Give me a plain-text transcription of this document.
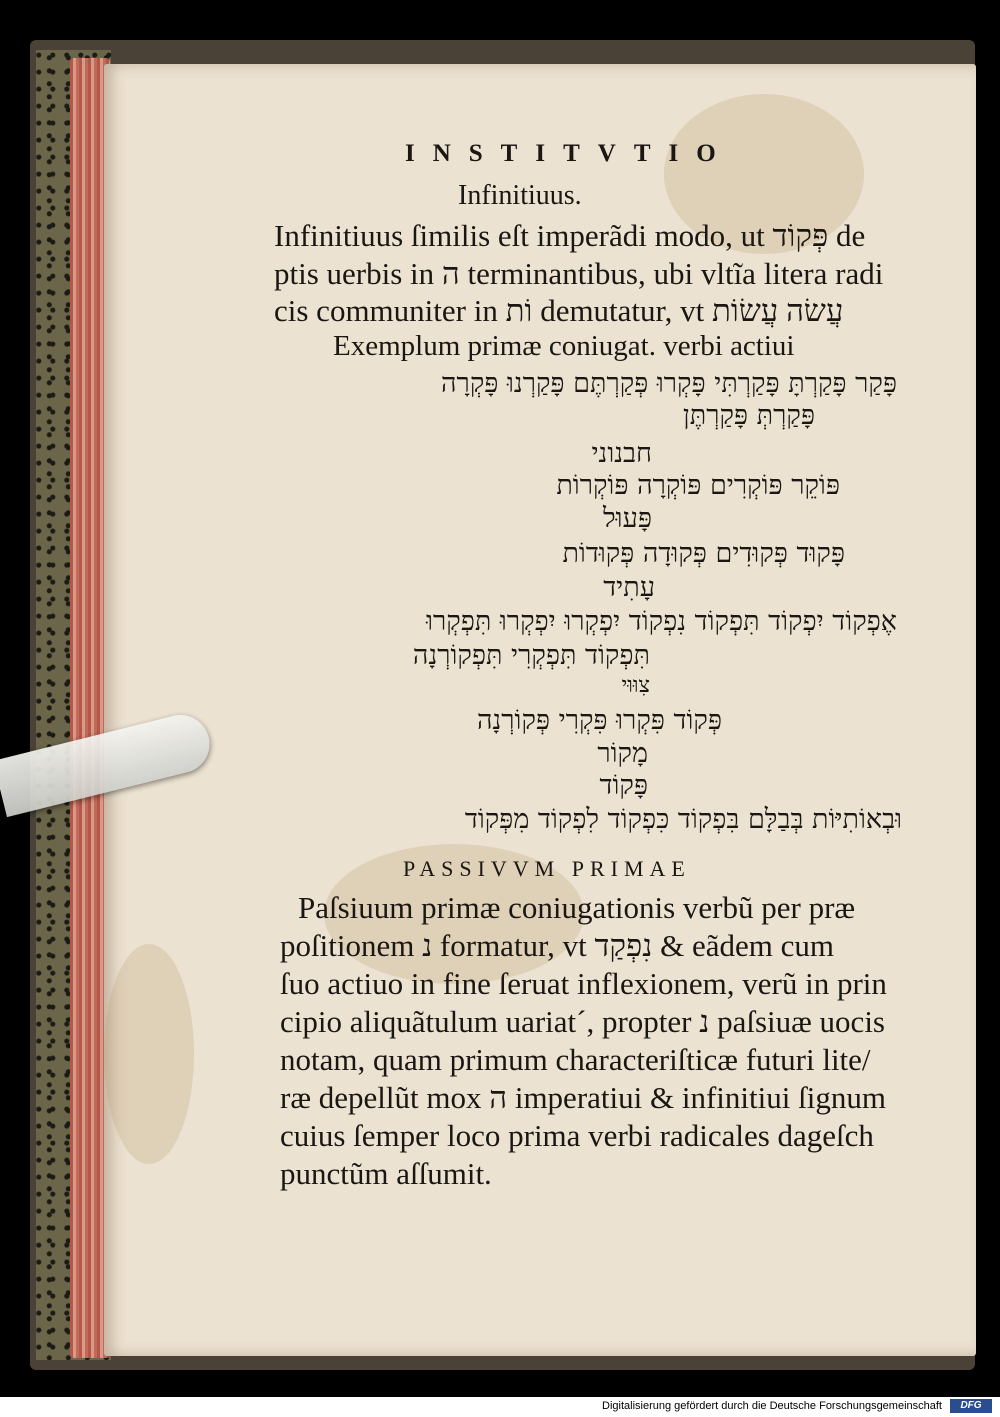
INSTITVTIO
Infinitiuus.
Infinitiuus ſimilis eſt imperãdi modo, ut פְּקוֹד de
ptis uerbis in ה terminantibus, ubi vltĩa litera radi
cis communiter in וֹת demutatur, vt עֲשׂה עֲשׂוֹת
Exemplum primæ coniugat. verbi actiui
פָּקַר פָּקַרְתָּ פָּקַרְתִּי פָּקְרוּ פְּקַרְתֶּם פָּקַרְנוּ פָּקְרָה
פָּקַרְתְּ פָּקַרְתֶּן
חבנוני
פּוֹקֵר פּוֹקְרִים פּוֹקְרָה פּוֹקְרוֹת
פָּעוּל
פָּקוּד פְּקוּדִים פְּקוּדָה פְּקוּדוֹת
עָתִיד
אֶפְקוֹד יִפְקוֹד תִּפְקוֹד נִפְקוֹד יִפְקְרוּ יִפְקְרוּ תִּפְקְרוּ
תִּפְקוֹד תִּפְקְרִי תִּפְקוֹרְנָה
צִוּוּי
פְּקוֹד פִּקְרוּ פִּקְרִי פְּקוֹרְנָה
מָקוֹר
פָּקוֹד
וּבְאוֹתִיּוֹת בְּבַלָּם בִּפְקוֹד כִּפְקוֹד לִפְקוֹד מִפְּקוֹד
PASSIVVM PRIMAE
Paſsiuum primæ coniugationis verbũ per præ
poſitionem נ formatur, vt נִפְקַד & eãdem cum
ſuo actiuo in fine ſeruat inflexionem, verũ in prin
cipio aliquãtulum uariatˊ, propter נ paſsiuæ uocis
notam, quam primum characteriſticæ futuri lite/
ræ depellũt mox ה imperatiui & infinitiui ſignum
cuius ſemper loco prima verbi radicales dageſch
punctũm aſſumit.
Digitalisierung gefördert durch die Deutsche Forschungsgemeinschaft	DFG
